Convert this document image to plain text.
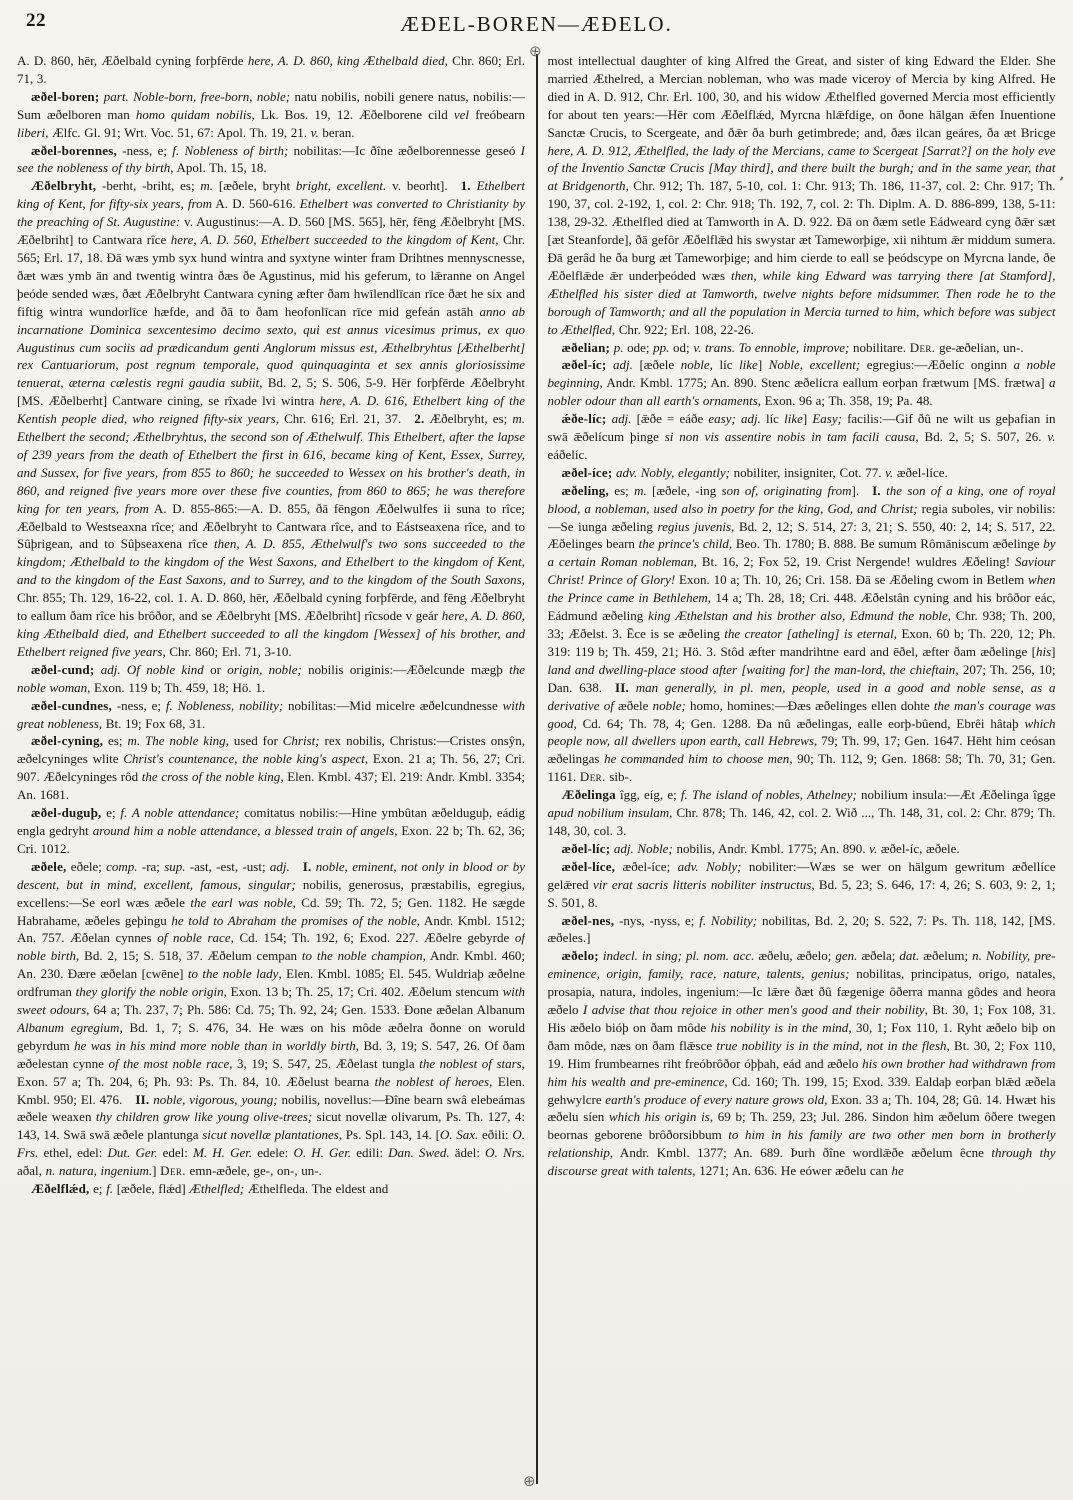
22	ÆÐEL-BOREN—ÆÐELO.

A. D. 860, hēr, Æðelbald cyning forþfērde here, A. D. 860, king Æthelbald died, Chr. 860; Erl. 71, 3.

æðel-boren; part. Noble-born, free-born, noble; natu nobilis, nobili genere natus, nobilis:—Sum æðelboren man homo quidam nobilis, Lk. Bos. 19, 12. Æðelborene cild vel freóbearn liberi, Ælfc. Gl. 91; Wrt. Voc. 51, 67: Apol. Th. 19, 21. v. beran.

æðel-borennes, -ness, e; f. Nobleness of birth; nobilitas:—Ic ðîne æðelborennesse geseó I see the nobleness of thy birth, Apol. Th. 15, 18.

Æðelbryht, -berht, -briht, es; m. [æðele, bryht bright, excellent. v. beorht]. 1. Ethelbert king of Kent, for fifty-six years, from A. D. 560-616. Ethelbert was converted to Christianity by the preaching of St. Augustine: v. Augustinus:—A. D. 560 [MS. 565], hēr, fēng Æðelbryht [MS. Æðelbriht] to Cantwara rîce here, A. D. 560, Ethelbert succeeded to the kingdom of Kent, Chr. 565; Erl. 17, 18. Ðā wæs ymb syx hund wintra and syxtyne winter fram Drihtnes mennyscnesse, ðæt wæs ymb ān and twentig wintra ðæs ðe Agustinus, mid his geferum, to lǣranne on Angel þeóde sended wæs, ðæt Æðelbryht Cantwara cyning æfter ðam hwīlendlīcan rīce ðæt he six and fiftig wintra wundorlīce hæfde, and ðā to ðam heofonlīcan rīce mid gefeán astāh anno ab incarnatione Dominica sexcentesimo decimo sexto, qui est annus vicesimus primus, ex quo Augustinus cum sociis ad prædicandum genti Anglorum missus est, Æthelbryhtus [Æthelberht] rex Cantuariorum, post regnum temporale, quod quinquaginta et sex annis gloriosissime tenuerat, æterna cælestis regni gaudia subiit, Bd. 2, 5; S. 506, 5-9. Hēr forþfērde Æðelbryht [MS. Æðelberht] Cantware cining, se rîxade lvi wintra here, A. D. 616, Ethelbert king of the Kentish people died, who reigned fifty-six years, Chr. 616; Erl. 21, 37. 2. Æðelbryht, es; m. Ethelbert the second; Æthelbryhtus, the second son of Æthelwulf. This Ethelbert, after the lapse of 239 years from the death of Ethelbert the first in 616, became king of Kent, Essex, Surrey, and Sussex, for five years, from 855 to 860; he succeeded to Wessex on his brother's death, in 860, and reigned five years more over these five counties, from 860 to 865; he was therefore king for ten years, from A. D. 855-865:—A. D. 855, ðā fēngon Æðelwulfes ii suna to rîce; Æðelbald to Westseaxna rîce; and Æðelbryht to Cantwara rîce, and to Eástseaxena rîce, and to Sûþrigean, and to Sûþseaxena rîce then, A. D. 855, Æthelwulf's two sons succeeded to the kingdom; Æthelbald to the kingdom of the West Saxons, and Ethelbert to the kingdom of Kent, and to the kingdom of the East Saxons, and to Surrey, and to the kingdom of the South Saxons, Chr. 855; Th. 129, 16-22, col. 1. A. D. 860, hēr, Æðelbald cyning forþfērde, and fēng Æðelbryht to eallum ðam rîce his brôðor, and se Æðelbryht [MS. Æðelbriht] rîcsode v geár here, A. D. 860, king Æthelbald died, and Ethelbert succeeded to all the kingdom [Wessex] of his brother, and Ethelbert reigned five years, Chr. 860; Erl. 71, 3-10.

æðel-cund; adj. Of noble kind or origin, noble; nobilis originis:—Æðelcunde mægþ the noble woman, Exon. 119 b; Th. 459, 18; Hö. 1.

æðel-cundnes, -ness, e; f. Nobleness, nobility; nobilitas:—Mid micelre æðelcundnesse with great nobleness, Bt. 19; Fox 68, 31.

æðel-cyning, es; m. The noble king, used for Christ; rex nobilis, Christus:—Cristes onsŷn, æðelcyninges wlite Christ's countenance, the noble king's aspect, Exon. 21 a; Th. 56, 27; Cri. 907. Æðelcyninges rôd the cross of the noble king, Elen. Kmbl. 437; El. 219: Andr. Kmbl. 3354; An. 1681.

æðel-duguþ, e; f. A noble attendance; comitatus nobilis:—Hine ymbûtan æðelduguþ, eádig engla gedryht around him a noble attendance, a blessed train of angels, Exon. 22 b; Th. 62, 36; Cri. 1012.

æðele, eðele; comp. -ra; sup. -ast, -est, -ust; adj.  I. noble, eminent, not only in blood or by descent, but in mind, excellent, famous, singular; nobilis, generosus, præstabilis, egregius, excellens:—Se eorl wæs æðele the earl was noble, Cd. 59; Th. 72, 5; Gen. 1182. He sægde Habrahame, æðeles geþingu he told to Abraham the promises of the noble, Andr. Kmbl. 1512; An. 757. Æðelan cynnes of noble race, Cd. 154; Th. 192, 6; Exod. 227. Æðelre gebyrde of noble birth, Bd. 2, 15; S. 518, 37. Æðelum cempan to the noble champion, Andr. Kmbl. 460; An. 230. Ðære æðelan [cwēne] to the noble lady, Elen. Kmbl. 1085; El. 545. Wuldriaþ æðelne ordfruman they glorify the noble origin, Exon. 13 b; Th. 25, 17; Cri. 402. Æðelum stencum with sweet odours, 64 a; Th. 237, 7; Ph. 586: Cd. 75; Th. 92, 24; Gen. 1533. Ðone æðelan Albanum Albanum egregium, Bd. 1, 7; S. 476, 34. He wæs on his môde æðelra ðonne on woruld gebyrdum he was in his mind more noble than in worldly birth, Bd. 3, 19; S. 547, 26. Of ðam æðelestan cynne of the most noble race, 3, 19; S. 547, 25. Æðelast tungla the noblest of stars, Exon. 57 a; Th. 204, 6; Ph. 93: Ps. Th. 84, 10. Æðelust bearna the noblest of heroes, Elen. Kmbl. 950; El. 476. II. noble, vigorous, young; nobilis, novellus:—Ðîne bearn swâ elebeámas æðele weaxen thy children grow like young olive-trees; sicut novellæ olivarum, Ps. Th. 127, 4: 143, 14. Swā swā æðele plantunga sicut novellæ plantationes, Ps. Spl. 143, 14. [O. Sax. eðili: O. Frs. ethel, edel: Dut. Ger. edel: M. H. Ger. edele: O. H. Ger. edili: Dan. Swed. ädel: O. Nrs. aðal, n. natura, ingenium.] Der. emn-æðele, ge-, on-, un-.

Æðelflǽd, e; f. [æðele, flǽd] Æthelfled; Æthelfleda. The eldest and

most intellectual daughter of king Alfred the Great, and sister of king Edward the Elder. She married Æthelred, a Mercian nobleman, who was made viceroy of Mercia by king Alfred. He died in A. D. 912, Chr. Erl. 100, 30, and his widow Æthelfled governed Mercia most efficiently for about ten years:—Hēr com Æðelflǽd, Myrcna hlǣfdige, on ðone hālgan ǣfen Inuentione Sanctæ Crucis, to Scergeate, and ðǣr ða burh getimbrede; and, ðæs ilcan geáres, ða æt Bricge here, A. D. 912, Æthelfled, the lady of the Mercians, came to Scergeat [Sarrat?] on the holy eve of the Inventio Sanctæ Crucis [May third], and there built the burgh; and in the same year, that at Bridgenorth, Chr. 912; Th. 187, 5-10, col. 1: Chr. 913; Th. 186, 11-37, col. 2: Chr. 917; Th. 190, 37, col. 2-192, 1, col. 2: Chr. 918; Th. 192, 7, col. 2: Th. Diplm. A. D. 886-899, 138, 5-11: 138, 29-32. Æthelfled died at Tamworth in A. D. 922. Ðā on ðæm setle Eádweard cyng ðǣr sæt [æt Steanforde], ðā gefôr Æðelflǣd his swystar æt Tameworþige, xii nihtum ǣr middum sumera. Ðā gerâd he ða burg æt Tameworþige; and him cierde to eall se þeódscype on Myrcna lande, ðe Æðelflǣde ǣr underþeóded wæs then, while king Edward was tarrying there [at Stamford], Æthelfled his sister died at Tamworth, twelve nights before midsummer. Then rode he to the borough of Tamworth; and all the population in Mercia turned to him, which before was subject to Æthelfled, Chr. 922; Erl. 108, 22-26.

æðelian; p. ode; pp. od; v. trans. To ennoble, improve; nobilitare. Der. ge-æðelian, un-.

æðel-íc; adj. [æðele noble, líc like] Noble, excellent; egregius:—Æðelíc onginn a noble beginning, Andr. Kmbl. 1775; An. 890. Stenc æðelícra eallum eorþan frætwum [MS. frætwa] a nobler odour than all earth's ornaments, Exon. 96 a; Th. 358, 19; Pa. 48.

ǽðe-líc; adj. [ǣðe = eáðe easy; adj. líc like] Easy; facilis:—Gif ðû ne wilt us geþafian in swā ǣðelícum þinge si non vis assentire nobis in tam facili causa, Bd. 2, 5; S. 507, 26. v. eáðelíc.

æðel-íce; adv. Nobly, elegantly; nobiliter, insigniter, Cot. 77. v. æðel-líce.

æðeling, es; m. [æðele, -ing son of, originating from]. I. the son of a king, one of royal blood, a nobleman, used also in poetry for the king, God, and Christ; regia suboles, vir nobilis:—Se iunga æðeling regius juvenis, Bd. 2, 12; S. 514, 27: 3, 21; S. 550, 40: 2, 14; S. 517, 22. Æðelinges bearn the prince's child, Beo. Th. 1780; B. 888. Be sumum Rômāniscum æðelinge by a certain Roman nobleman, Bt. 16, 2; Fox 52, 19. Crist Nergende! wuldres Æðeling! Saviour Christ! Prince of Glory! Exon. 10 a; Th. 10, 26; Cri. 158. Ðā se Æðeling cwom in Betlem when the Prince came in Bethlehem, 14 a; Th. 28, 18; Cri. 448. Æðelstân cyning and his brôðor eác, Eádmund æðeling king Æthelstan and his brother also, Edmund the noble, Chr. 938; Th. 200, 33; Æðelst. 3. Ēce is se æðeling the creator [atheling] is eternal, Exon. 60 b; Th. 220, 12; Ph. 319: 119 b; Th. 459, 21; Hö. 3. Stôd æfter mandrihtne eard and ēðel, æfter ðam æðelinge [his] land and dwelling-place stood after [waiting for] the man-lord, the chieftain, 207; Th. 256, 10; Dan. 638. II. man generally, in pl. men, people, used in a good and noble sense, as a derivative of æðele noble; homo, homines:—Ðæs æðelinges ellen dohte the man's courage was good, Cd. 64; Th. 78, 4; Gen. 1288. Ða nû æðelingas, ealle eorþ-bûend, Ebrêi hâtaþ which people now, all dwellers upon earth, call Hebrews, 79; Th. 99, 17; Gen. 1647. Hēht him ceósan æðelingas he commanded him to choose men, 90; Th. 112, 9; Gen. 1868: 58; Th. 70, 31; Gen. 1161. Der. sib-.

Æðelinga îgg, eíg, e; f. The island of nobles, Athelney; nobilium insula:—Æt Æðelinga îgge apud nobilium insulam, Chr. 878; Th. 146, 42, col. 2. Wið ..., Th. 148, 31, col. 2: Chr. 879; Th. 148, 30, col. 3.

æðel-líc; adj. Noble; nobilis, Andr. Kmbl. 1775; An. 890. v. æðel-íc, æðele.

æðel-líce, æðel-íce; adv. Nobly; nobiliter:—Wæs se wer on hālgum gewritum æðellíce gelǣred vir erat sacris litteris nobiliter instructus, Bd. 5, 23; S. 646, 17: 4, 26; S. 603, 9: 2, 1; S. 501, 8.

æðel-nes, -nys, -nyss, e; f. Nobility; nobilitas, Bd. 2, 20; S. 522, 7: Ps. Th. 118, 142, [MS. æðeles.]

æðelo; indecl. in sing; pl. nom. acc. æðelu, æðelo; gen. æðela; dat. æðelum; n. Nobility, pre-eminence, origin, family, race, nature, talents, genius; nobilitas, principatus, origo, natales, prosapia, natura, indoles, ingenium:—Ic lǣre ðæt ðû fægenige ôðerra manna gôdes and heora æðelo I advise that thou rejoice in other men's good and their nobility, Bt. 30, 1; Fox 108, 31. His æðelo bióþ on ðam môde his nobility is in the mind, 30, 1; Fox 110, 1. Ryht æðelo biþ on ðam môde, næs on ðam flǣsce true nobility is in the mind, not in the flesh, Bt. 30, 2; Fox 110, 19. Him frumbearnes riht freóbrôðor óþþah, eád and æðelo his own brother had withdrawn from him his wealth and pre-eminence, Cd. 160; Th. 199, 15; Exod. 339. Ealdaþ eorþan blǣd æðela gehwylcre earth's produce of every nature grows old, Exon. 33 a; Th. 104, 28; Gû. 14. Hwæt his æðelu síen which his origin is, 69 b; Th. 259, 23; Jul. 286. Sindon him æðelum ôðere twegen beornas geborene brôðorsibbum to him in his family are two other men born in brotherly relationship, Andr. Kmbl. 1377; An. 689. Þurh ðîne wordlǣðe æðelum êcne through thy discourse great with talents, 1271; An. 636. He eówer æðelu can he

⊕
⊕
ʼ
